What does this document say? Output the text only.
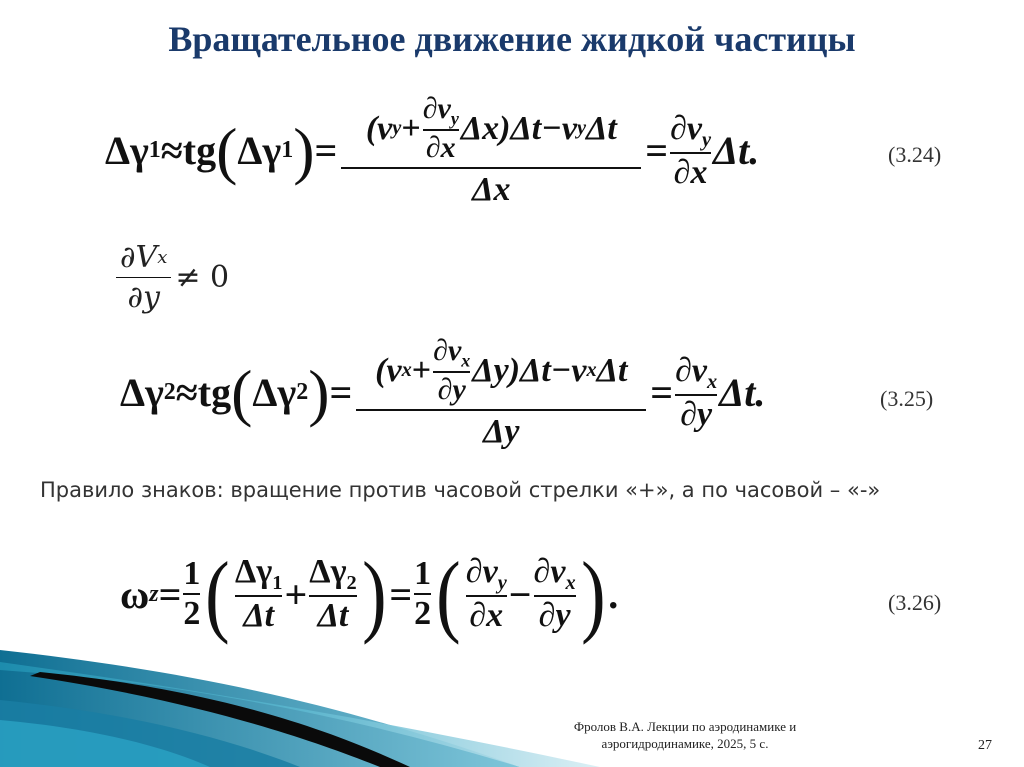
Вращательное движение жидкой частицы
Δγ 1 ≈tg ( Δγ 1 ) = (v y +
$\partial v_y$
∂x
Δx)Δt−v y Δt
Δx
=
$\partial v_y$
∂x Δt.	(3.24)
$\frac{\text{∂V x}}{\partial y} \ne 0$
Δγ 2 ≈tg ( Δγ 2 ) = (v x +
$\partial v_x$
∂y
Δy)Δt−v x Δt
Δy
=
$\partial v_x$
∂y Δt.	(3.25)
Правило знаков: вращение против часовой стрелки «+», а по часовой – «-»
ω z = 1
2 ( $\Delta\gamma_1$
Δt +
$\Delta\gamma_2$
Δt ) = 1
2 ( $\partial v_y$
∂x −
$\partial v_x$
∂y ) .	(3.26)
Фролов В.А. Лекции по аэродинамике и
аэрогидродинамике, 2025, 5 с.	27
